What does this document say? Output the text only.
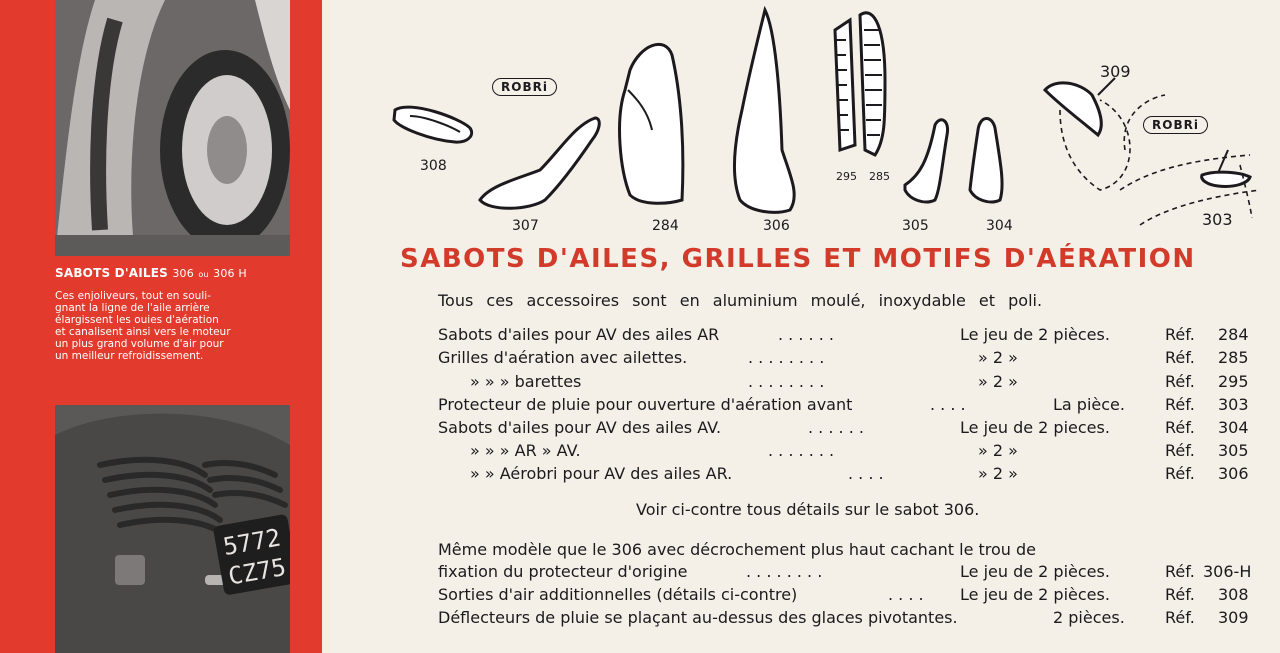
SABOTS D'AILES 306 ou 306 H
Ces enjoliveurs, tout en souli-
gnant la ligne de l'aile arrière
élargissent les ouies d'aération
et canalisent ainsi vers le moteur
un plus grand volume d'air pour
un meilleur refroidissement.
5772
CZ75
ROBRi
ROBRi
308
307	284	306
295 285
305	304
309
303
SABOTS D'AILES, GRILLES ET MOTIFS D'AÉRATION
Tous ces accessoires sont en aluminium moulé, inoxydable et poli.
Sabots d'ailes pour AV des ailes AR	. . . . . .	Le jeu de 2 pièces.	Réf. 284
Grilles d'aération avec ailettes.	. . . . . . . .	» 2 »	Réf. 285
» » » barettes	. . . . . . . .	» 2 »	Réf. 295
Protecteur de pluie pour ouverture d'aération avant	. . . .	La pièce.	Réf. 303
Sabots d'ailes pour AV des ailes AV.	. . . . . .	Le jeu de 2 pieces.	Réf. 304
» » » AR » AV.	. . . . . . .	» 2 »	Réf. 305
» » Aérobri pour AV des ailes AR.	. . . .	» 2 »	Réf. 306
Voir ci-contre tous détails sur le sabot 306.
Même modèle que le 306 avec décrochement plus haut cachant le trou de
fixation du protecteur d'origine	. . . . . . . .	Le jeu de 2 pièces.	Réf. 306-H
Sorties d'air additionnelles (détails ci-contre)	. . . . Le jeu de 2 pièces.	Réf. 308
Déflecteurs de pluie se plaçant au-dessus des glaces pivotantes.	2 pièces.	Réf. 309
